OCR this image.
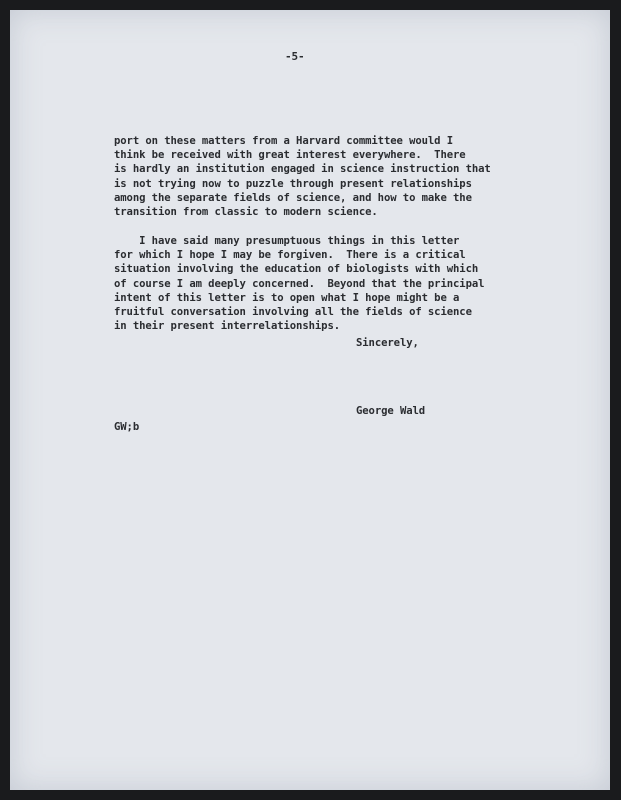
-5-
port on these matters from a Harvard committee would I
think be received with great interest everywhere.  There
is hardly an institution engaged in science instruction that
is not trying now to puzzle through present relationships
among the separate fields of science, and how to make the
transition from classic to modern science.
I have said many presumptuous things in this letter
for which I hope I may be forgiven.  There is a critical
situation involving the education of biologists with which
of course I am deeply concerned.  Beyond that the principal
intent of this letter is to open what I hope might be a
fruitful conversation involving all the fields of science
in their present interrelationships.
Sincerely,
George Wald
GW;b
